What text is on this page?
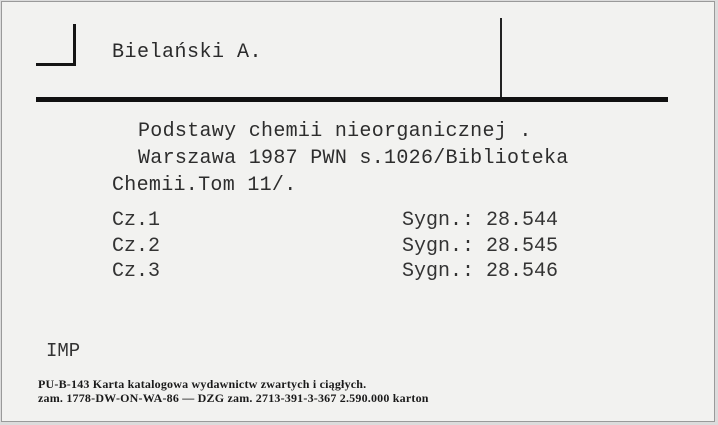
Bielański A.
Podstawy chemii nieorganicznej .
Warszawa 1987 PWN s.1026/Biblioteka
Chemii.Tom 11/.
Cz.1	Sygn.: 28.544
Cz.2	Sygn.: 28.545
Cz.3	Sygn.: 28.546
IMP
PU-B-143 Karta katalogowa wydawnictw zwartych i ciągłych.
zam. 1778-DW-ON-WA-86 — DZG zam. 2713-391-3-367 2.590.000 karton
